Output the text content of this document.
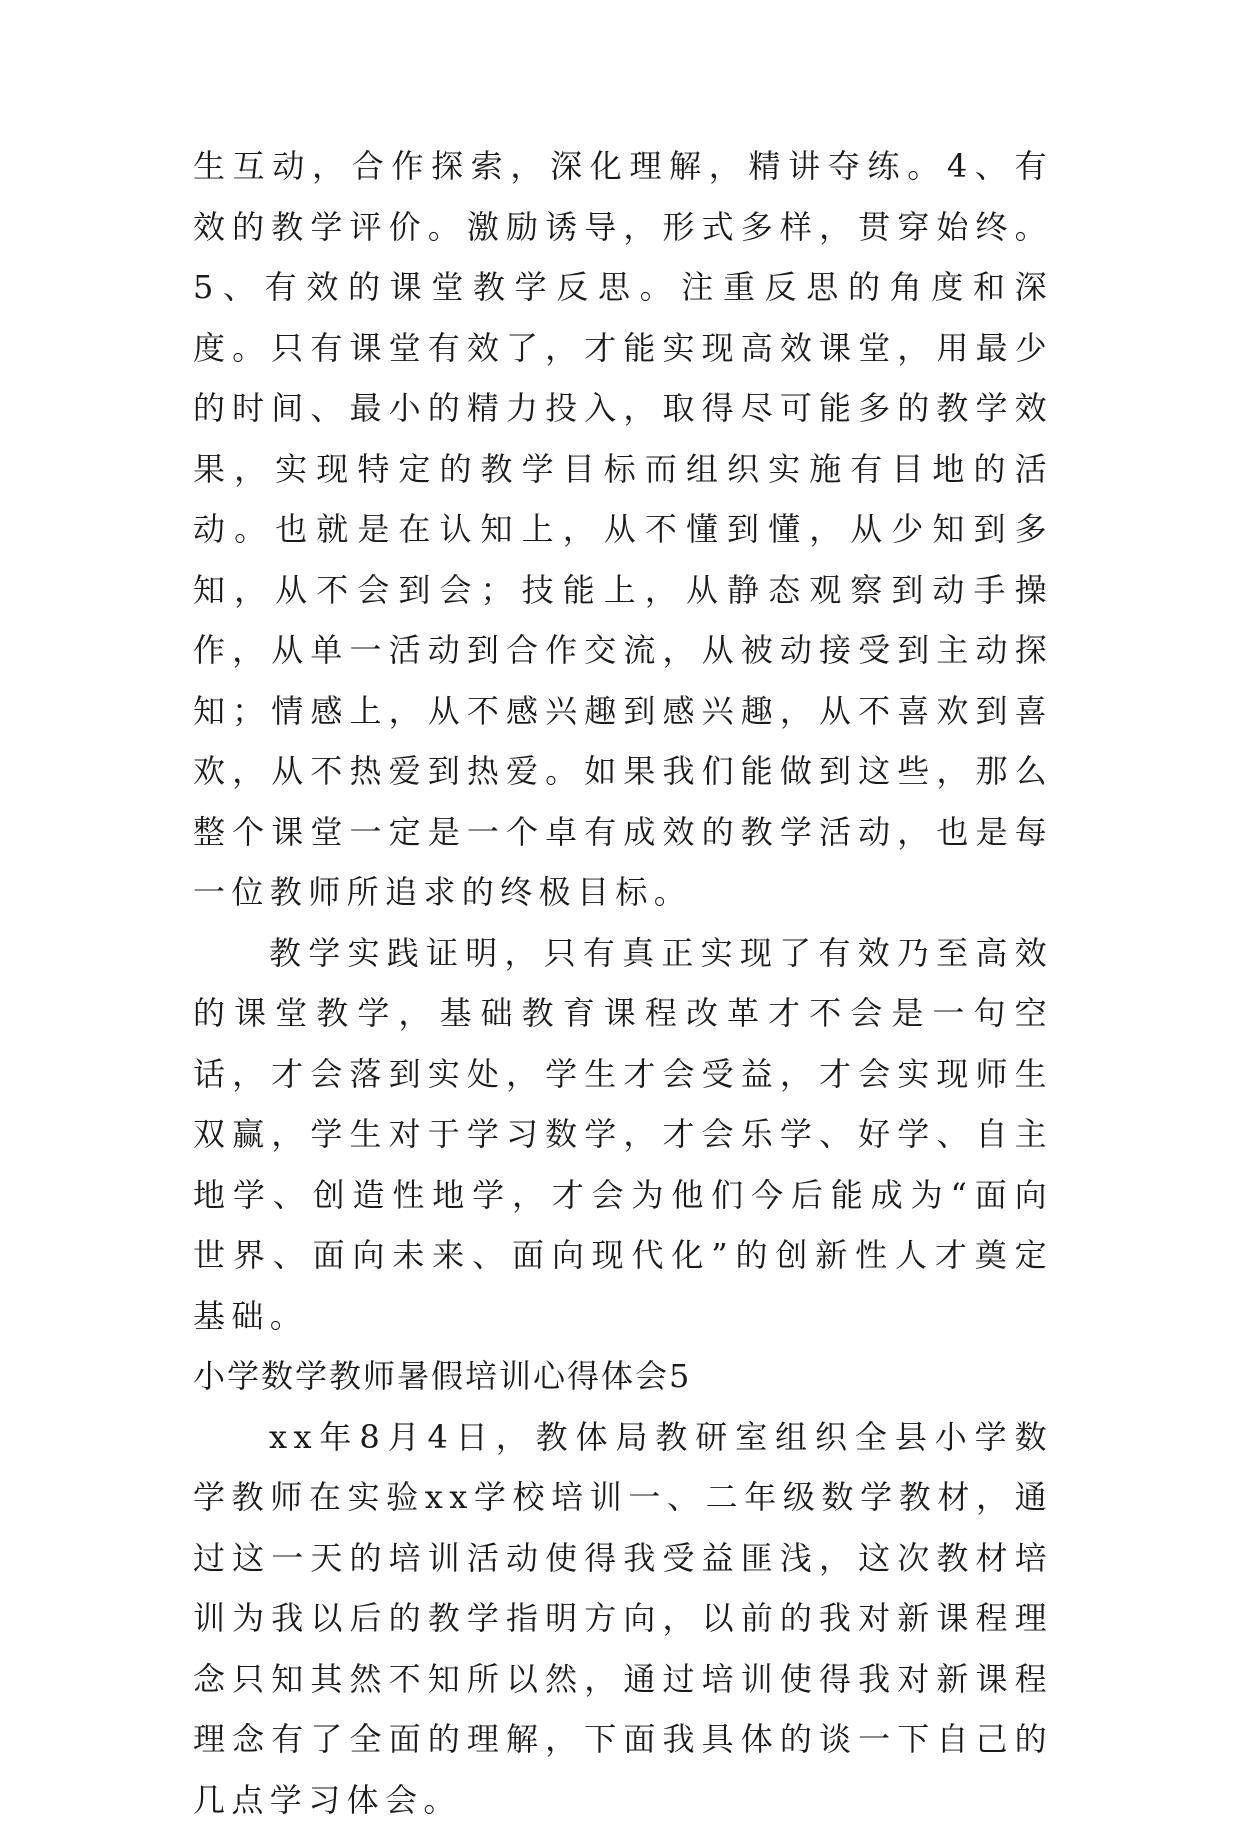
生互动，合作探索，深化理解，精讲夺练。4、有效的教学评价。激励诱导，形式多样，贯穿始终。5、有效的课堂教学反思。注重反思的角度和深度。只有课堂有效了，才能实现高效课堂，用最少的时间、最小的精力投入，取得尽可能多的教学效果，实现特定的教学目标而组织实施有目地的活动。也就是在认知上，从不懂到懂，从少知到多知，从不会到会；技能上，从静态观察到动手操作，从单一活动到合作交流，从被动接受到主动探知；情感上，从不感兴趣到感兴趣，从不喜欢到喜欢，从不热爱到热爱。如果我们能做到这些，那么整个课堂一定是一个卓有成效的教学活动，也是每一位教师所追求的终极目标。

教学实践证明，只有真正实现了有效乃至高效的课堂教学，基础教育课程改革才不会是一句空话，才会落到实处，学生才会受益，才会实现师生双赢，学生对于学习数学，才会乐学、好学、自主地学、创造性地学，才会为他们今后能成为“面向世界、面向未来、面向现代化”的创新性人才奠定基础。

小学数学教师暑假培训心得体会5

xx年8月4日，教体局教研室组织全县小学数学教师在实验xx学校培训一、二年级数学教材，通过这一天的培训活动使得我受益匪浅，这次教材培训为我以后的教学指明方向，以前的我对新课程理念只知其然不知所以然，通过培训使得我对新课程理念有了全面的理解，下面我具体的谈一下自己的几点学习体会。
